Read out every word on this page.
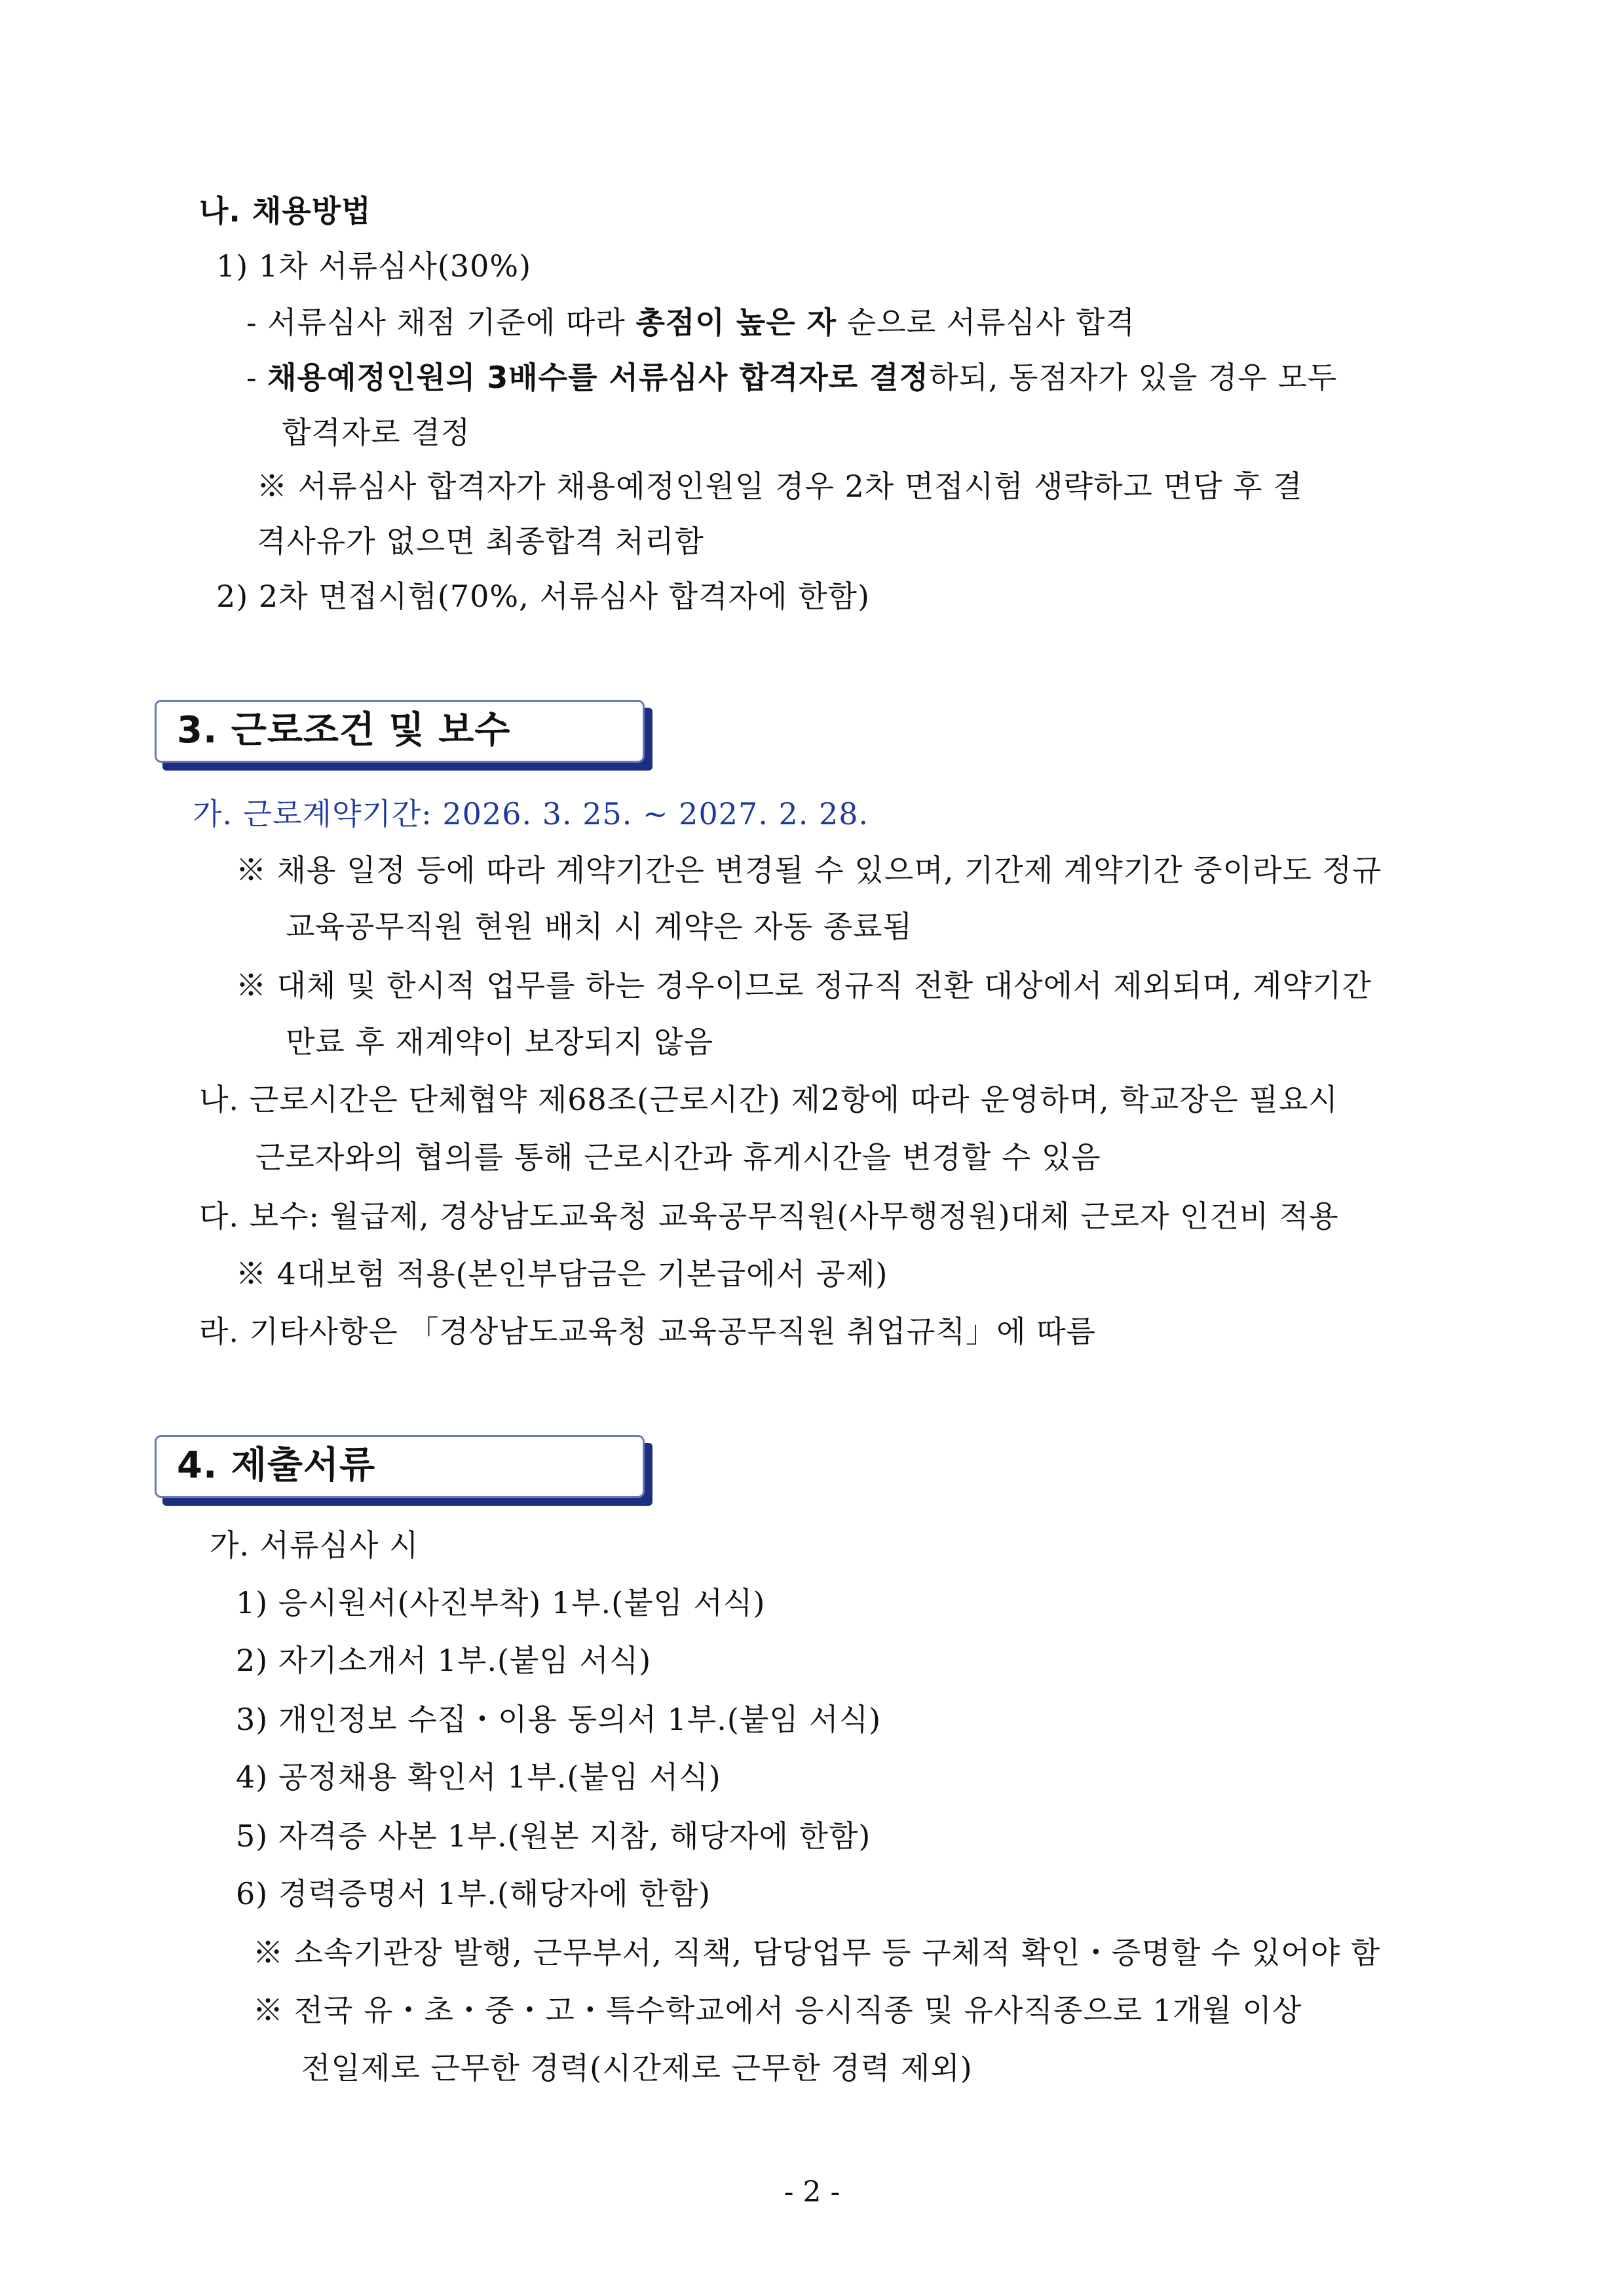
나. 채용방법
1) 1차 서류심사(30%)
- 서류심사 채점 기준에 따라 총점이 높은 자 순으로 서류심사 합격
- 채용예정인원의 3배수를 서류심사 합격자로 결정하되, 동점자가 있을 경우 모두
합격자로 결정
※ 서류심사 합격자가 채용예정인원일 경우 2차 면접시험 생략하고 면담 후 결
격사유가 없으면 최종합격 처리함
2) 2차 면접시험(70%, 서류심사 합격자에 한함)
3. 근로조건 및 보수
가. 근로계약기간: 2026. 3. 25. ~ 2027. 2. 28.
※ 채용 일정 등에 따라 계약기간은 변경될 수 있으며, 기간제 계약기간 중이라도 정규
교육공무직원 현원 배치 시 계약은 자동 종료됨
※ 대체 및 한시적 업무를 하는 경우이므로 정규직 전환 대상에서 제외되며, 계약기간
만료 후 재계약이 보장되지 않음
나. 근로시간은 단체협약 제68조(근로시간) 제2항에 따라 운영하며, 학교장은 필요시
근로자와의 협의를 통해 근로시간과 휴게시간을 변경할 수 있음
다. 보수: 월급제, 경상남도교육청 교육공무직원(사무행정원)대체 근로자 인건비 적용
※ 4대보험 적용(본인부담금은 기본급에서 공제)
라. 기타사항은 「경상남도교육청 교육공무직원 취업규칙」에 따름
4. 제출서류
가. 서류심사 시
1) 응시원서(사진부착) 1부.(붙임 서식)
2) 자기소개서 1부.(붙임 서식)
3) 개인정보 수집・이용 동의서 1부.(붙임 서식)
4) 공정채용 확인서 1부.(붙임 서식)
5) 자격증 사본 1부.(원본 지참, 해당자에 한함)
6) 경력증명서 1부.(해당자에 한함)
※ 소속기관장 발행, 근무부서, 직책, 담당업무 등 구체적 확인・증명할 수 있어야 함
※ 전국 유・초・중・고・특수학교에서 응시직종 및 유사직종으로 1개월 이상
전일제로 근무한 경력(시간제로 근무한 경력 제외)
- 2 -
